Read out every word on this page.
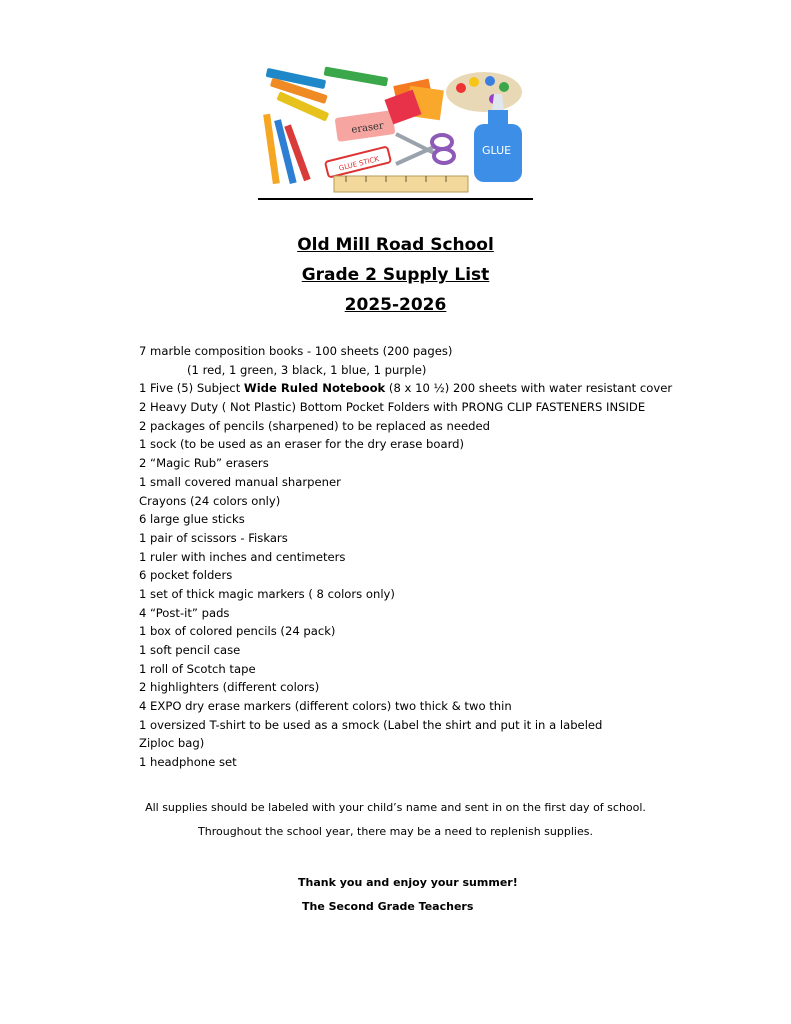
eraser
GLUE
GLUE STICK
Old Mill Road School
Grade 2 Supply List
2025-2026
7 marble composition books - 100 sheets (200 pages)
(1 red, 1 green, 3 black, 1 blue, 1 purple)
1 Five (5) Subject Wide Ruled Notebook (8 x 10 ½) 200 sheets with water resistant cover
2 Heavy Duty ( Not Plastic) Bottom Pocket Folders with PRONG CLIP FASTENERS INSIDE
2 packages of pencils (sharpened) to be replaced as needed
1 sock (to be used as an eraser for the dry erase board)
2 “Magic Rub” erasers
1 small covered manual sharpener
Crayons (24 colors only)
6 large glue sticks
1 pair of scissors - Fiskars
1 ruler with inches and centimeters
6 pocket folders
1 set of thick magic markers ( 8 colors only)
4 “Post-it” pads
1 box of colored pencils (24 pack)
1 soft pencil case
1 roll of Scotch tape
2 highlighters (different colors)
4 EXPO dry erase markers (different colors) two thick & two thin
1 oversized T-shirt to be used as a smock (Label the shirt and put it in a labeled
Ziploc bag)
1 headphone set
All supplies should be labeled with your child’s name and sent in on the first day of school.
Throughout the school year, there may be a need to replenish supplies.
Thank you and enjoy your summer!
The Second Grade Teachers
